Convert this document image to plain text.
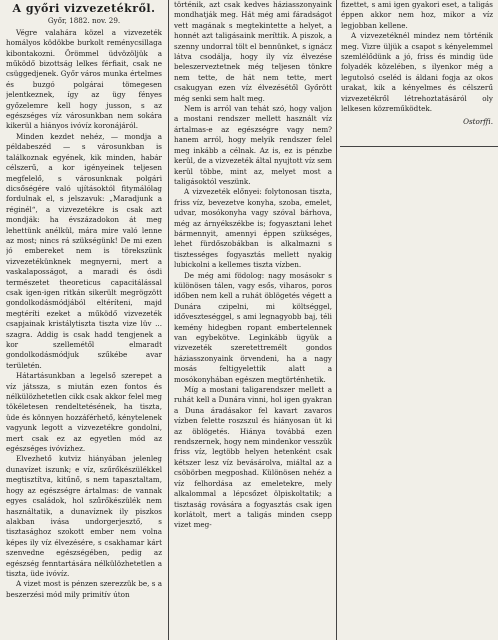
A győri vizvezetékről.
Győr, 1882. nov. 29.

Végre valahára közel a vizvezeték homályos ködökbe burkolt reménycsillaga kibontakozni. Örömmel üdvözöljük a működő bizottság lelkes férfiait, csak ne csüggedjenek. Győr város munka értelmes és buzgó polgárai tömegesen jelentkeznek, így az ügy fényes győzelemre kell hogy jusson, s az egészséges víz városunkban nem sokára kikerül a hiányos ivóvíz koronájáról.

Minden kezdet nehéz, — mondja a példabeszéd — s városunkban is találkoznak egyének, kik minden, habár célszerű, a kor igényeinek teljesen megfelelő, s városunknak polgári dicsőségére való ujításoktól fitymálólag fordulnak el, s jelszavuk: „Maradjunk a réginél“, a vizvezetékre is csak azt mondják: ha évszázadokon át meg lehettünk anélkül, mára mire való lenne az most; nincs rá szükségünk! De mi ezen jó embereket nem is törekszünk vizvezetékünknek megnyerni, mert a vaskalaposságot, a maradi és ósdi természetet theoreticus capacitálással csak igen-igen ritkán sikerült megrögzött gondolkodásmódjából eltéríteni, majd megtéríti ezeket a működő vizvezeték csapjainak kristálytiszta tiszta vize lüv ... szagra. Addig is csak hadd tengjenek a kor szellemétől elmaradt gondolkodásmódjuk szűkébe avar területén.

Hátartásunkban a legelső szerepet a víz játssza, s miután ezen fontos és nélkülözhetetlen cikk csak akkor felel meg tökéletesen rendeltetésének, ha tiszta, üde és könnyen hozzáférhető, kénytelenek vagyunk legott a vizvezetékre gondolni, mert csak ez az egyetlen mód az egészséges ivóvízhez.

Elvezhető kutviz hiányában jelenleg dunavízet iszunk; e víz, szűrőkészülékkel megtisztítva, kitűnő, s nem tapasztaltam, hogy az egészségre ártalmas: de vannak egyes családok, hol szűrőkészülék nem használtatik, a dunavíznek ily piszkos alakban ivása undorgerjesztő, s tisztasághoz szokott ember nem volna képes ily víz élvezésére, s csakhamar kárt szenvedne egészségében, pedig az egészség fenntartására nélkülözhetetlen a tiszta, üde ivóvíz.

A vizet most is pénzen szerezzük be, s a beszerzési mód mily primitív úton

történik, azt csak kedves háziasszonyaink mondhatják meg. Hát még ami fáradságot vett magának s megtekintette a helyet, a honnét azt taligásaink meríttik. A piszok, a szenny undorral tölt el bennünket, s ignácz látva csodálja, hogy ily víz élvezése beleszerveztetnek még teljesen tönkre nem tette, de hát nem tette, mert csakugyan ezen víz élvezésétől Győrött még senki sem halt meg.

Nem is arról van tehát szó, hogy valjon a mostani rendszer mellett használt víz ártalmas-e az egészségre vagy nem? hanem arról, hogy melyik rendszer felel meg inkább a célnak. Az is, ez is pénzbe kerül, de a vizvezeték által nyujtott víz sem kerül többe, mint az, melyet most a taligásoktól veszünk.

A vizvezeték előnyei: folytonosan tiszta, friss víz, bevezetve konyha, szoba, emelet, udvar, mosókonyha vagy szóval bárhova, még az árnyékszékbe is; fogyasztani lehet bármennyit, amennyi éppen szükséges, lehet fürdőszobákban is alkalmazni s tisztességes fogyasztás mellett nyakig lubickolni a kellemes tiszta vízben.

De még ami födolog: nagy mosásokr s különösen tálen, vagy esős, viharos, poros időben nem kell a ruhát öblögetés végett a Dunára czipelni, mi költséggel, időveszteséggel, s ami legnagyobb baj, téli kemény hidegben ropant embertelennek van egybekötve. Leginkább ügyük a vizvezeték szeretettremélt gondos háziasszonyaink örvendeni, ha a nagy mosás feltigyelettik alatt a mosókonyhában egészen megtörténhetik.

Míg a mostani taligarendszer mellett a ruhát kell a Dunára vinni, hol igen gyakran a Duna áradásakor fel kavart zavaros vízben felette roszszul és hiányosan üt ki az öblögetés. Hiánya továbbá ezen rendszernek, hogy nem mindenkor vesszük friss víz, legtöbb helyen hetenként csak kétszer lesz víz bevásárolva, miáltal az a csöbörben megposhad. Különösen nehéz a víz felhordása az emeletekre, mely alkalommal a lépcsőzet ölpiskoltatik; a tisztaság rovására a fogyasztás csak igen korlátolt, mert a taligás minden csepp vizet meg-

fizettet, s ami igen gyakori eset, a taligás éppen akkor nem hoz, mikor a víz legjobban kellene.

A vizvezetéknél mindez nem történik meg. Vizre üljük a csapot s kényelemmel szemlélődünk a jó, friss és mindig üde folyadék közelében, s ilyenkor még a legutolsó cseléd is áldani fogja az okos urakat, kik a kényelmes és célszerű vizvezetékről létrehoztatásáról oly lelkesen közreműködtek.

Ostorffi.
